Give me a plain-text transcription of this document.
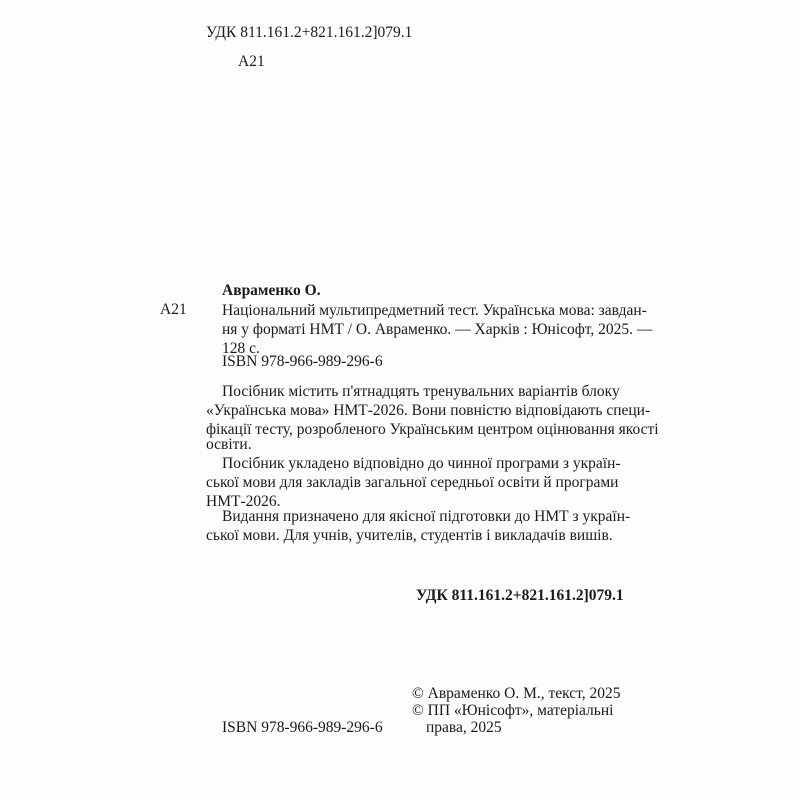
УДК 811.161.2+821.161.2]079.1
А21
Авраменко О.
А21 Національний мультипредметний тест. Українська мова: завдан-
ня у форматі НМТ / О. Авраменко. — Харків : Юнісофт, 2025. —
128 с.
ISBN 978-966-989-296-6
Посібник містить п'ятнадцять тренувальних варіантів блоку
«Українська мова» НМТ-2026. Вони повністю відповідають специ-
фікації тесту, розробленого Українським центром оцінювання якості
освіти.
Посібник укладено відповідно до чинної програми з україн-
ської мови для закладів загальної середньої освіти й програми
НМТ-2026.
Видання призначено для якісної підготовки до НМТ з україн-
ської мови. Для учнів, учителів, студентів і викладачів вишів.
УДК 811.161.2+821.161.2]079.1
ISBN 978-966-989-296-6
© Авраменко О. М., текст, 2025
© ПП «Юнісофт», матеріальні
права, 2025
